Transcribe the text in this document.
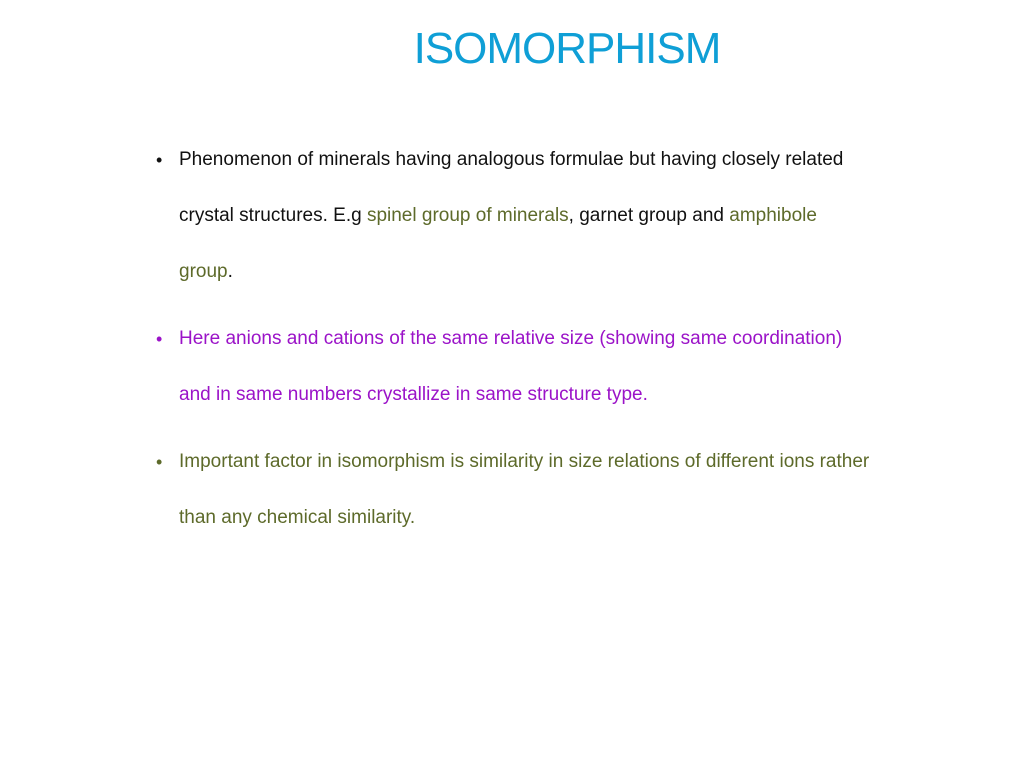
ISOMORPHISM
• Phenomenon of minerals having analogous formulae but having closely related crystal structures. E.g spinel group of minerals, garnet group and amphibole group.
• Here anions and cations of the same relative size (showing same coordination) and in same numbers crystallize in same structure type.
• Important factor in isomorphism is similarity in size relations of different ions rather than any chemical similarity.
